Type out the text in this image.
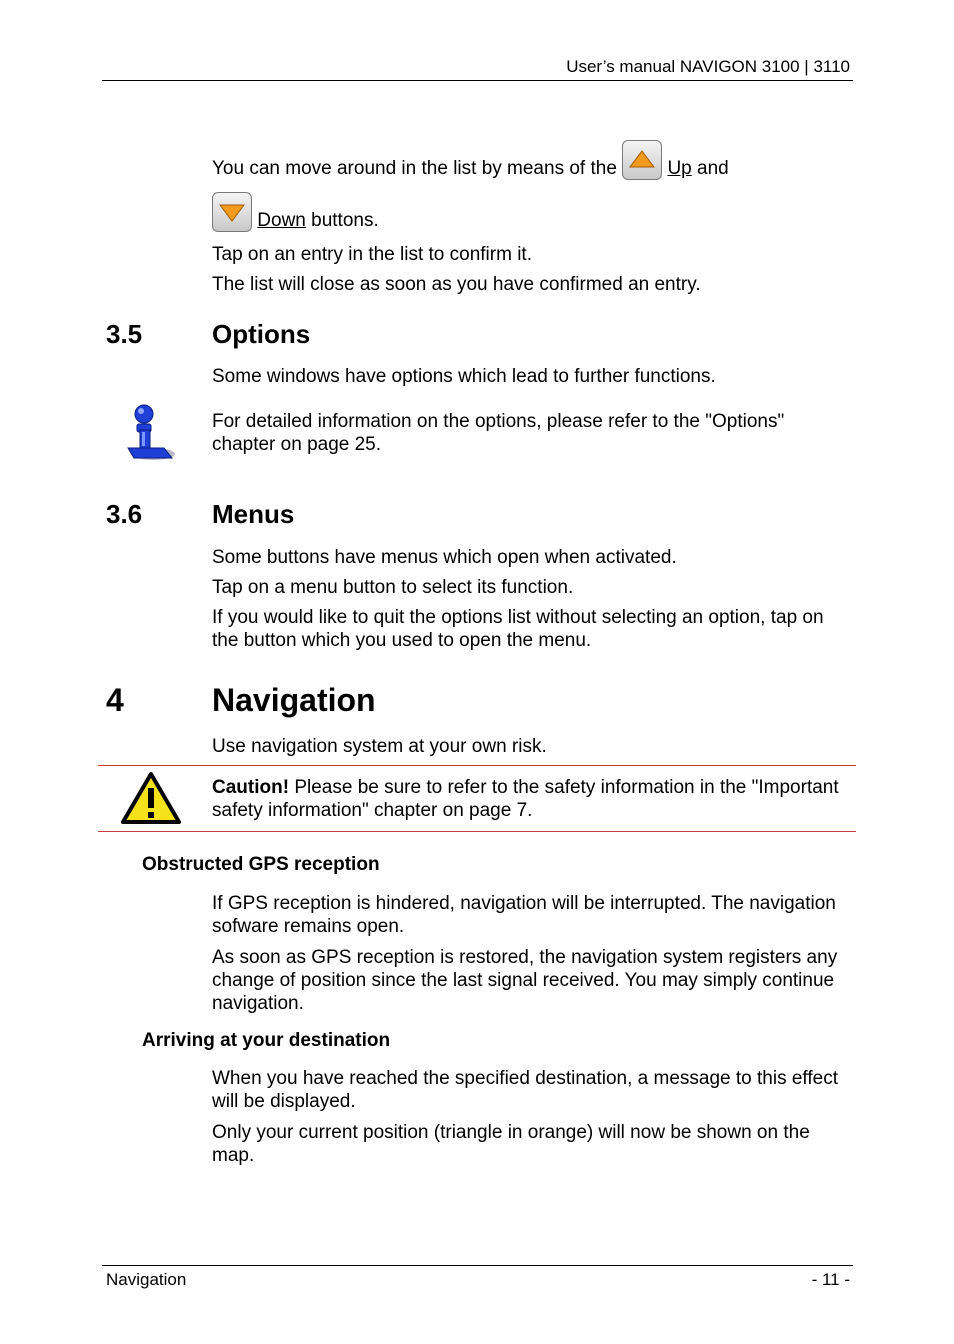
User’s manual NAVIGON 3100 | 3110
You can move around in the list by means of the	Up and

Down buttons.
Tap on an entry in the list to confirm it.
The list will close as soon as you have confirmed an entry.
3.5	Options
Some windows have options which lead to further functions.
For detailed information on the options, please refer to the "Options" chapter on page 25.
3.6	Menus
Some buttons have menus which open when activated.
Tap on a menu button to select its function.
If you would like to quit the options list without selecting an option, tap on the button which you used to open the menu.
4	Navigation
Use navigation system at your own risk.
Caution! Please be sure to refer to the safety information in the "Important safety information" chapter on page 7.
Obstructed GPS reception
If GPS reception is hindered, navigation will be interrupted. The navigation sofware remains open.
As soon as GPS reception is restored, the navigation system registers any change of position since the last signal received. You may simply continue navigation.
Arriving at your destination
When you have reached the specified destination, a message to this effect will be displayed.
Only your current position (triangle in orange) will now be shown on the map.
Navigation	- 11 -
